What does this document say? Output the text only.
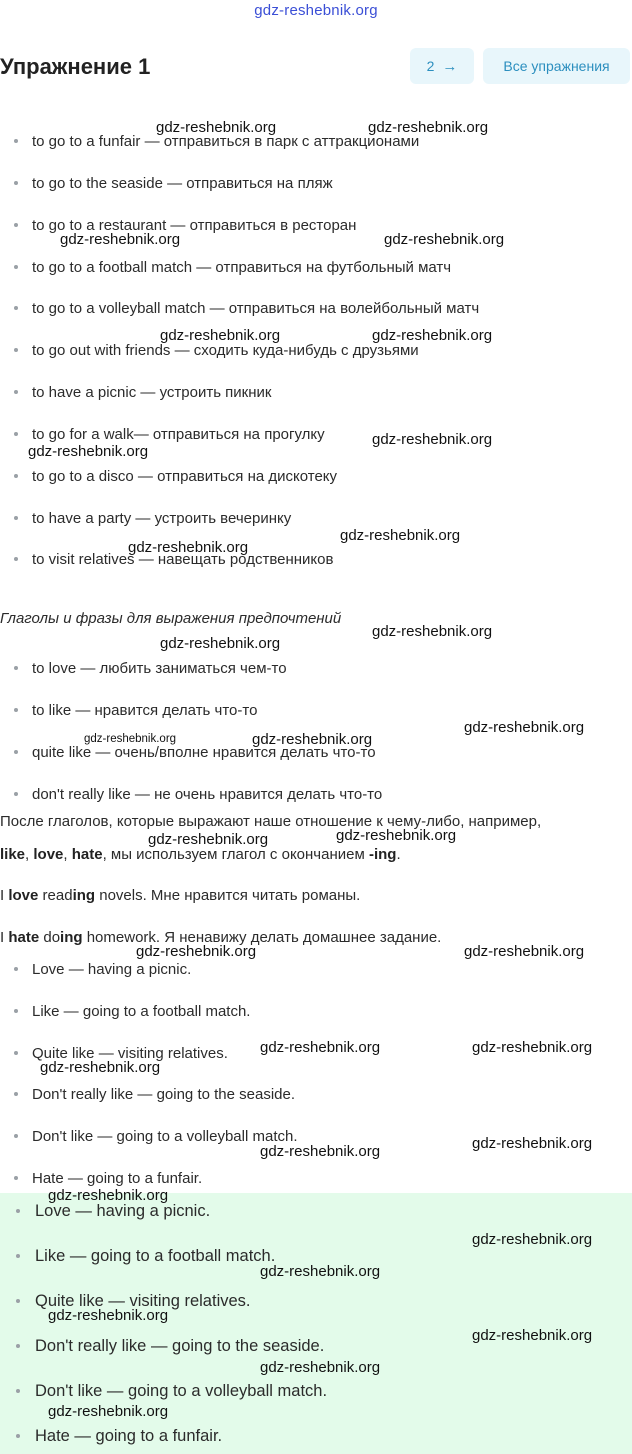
gdz-reshebnik.org
Упражнение 1	2 →	Все упражнения
to go to a funfair — отправиться в парк с аттракционами
to go to the seaside — отправиться на пляж
to go to a restaurant — отправиться в ресторан
to go to a football match — отправиться на футбольный матч
to go to a volleyball match — отправиться на волейбольный матч
to go out with friends — сходить куда-нибудь с друзьями
to have a picnic — устроить пикник
to go for a walk— отправиться на прогулку
to go to a disco — отправиться на дискотеку
to have a party — устроить вечеринку
to visit relatives — навещать родственников
Глаголы и фразы для выражения предпочтений
to love — любить заниматься чем-то
to like — нравится делать что-то
quite like — очень/вполне нравится делать что-то
don't really like — не очень нравится делать что-то
После глаголов, которые выражают наше отношение к чему-либо, например,
like, love, hate, мы используем глагол с окончанием -ing.
I love reading novels. Мне нравится читать романы.
I hate doing homework. Я ненавижу делать домашнее задание.
Love — having a picnic.
Like — going to a football match.
Quite like — visiting relatives.
Don't really like — going to the seaside.
Don't like — going to a volleyball match.
Hate — going to a funfair.
Love — having a picnic.
Like — going to a football match.
Quite like — visiting relatives.
Don't really like — going to the seaside.
Don't like — going to a volleyball match.
Hate — going to a funfair.
gdz-reshebnik.org	gdz-reshebnik.org
gdz-reshebnik.org	gdz-reshebnik.org
gdz-reshebnik.org	gdz-reshebnik.org
gdz-reshebnik.org
gdz-reshebnik.org
gdz-reshebnik.org
gdz-reshebnik.org
gdz-reshebnik.org
gdz-reshebnik.org
gdz-reshebnik.org
gdz-reshebnik.org	gdz-reshebnik.org
gdz-reshebnik.org
gdz-reshebnik.org
gdz-reshebnik.org	gdz-reshebnik.org
gdz-reshebnik.org	gdz-reshebnik.org
gdz-reshebnik.org
gdz-reshebnik.org
gdz-reshebnik.org
gdz-reshebnik.org
gdz-reshebnik.org
gdz-reshebnik.org
gdz-reshebnik.org
gdz-reshebnik.org
gdz-reshebnik.org
gdz-reshebnik.org
